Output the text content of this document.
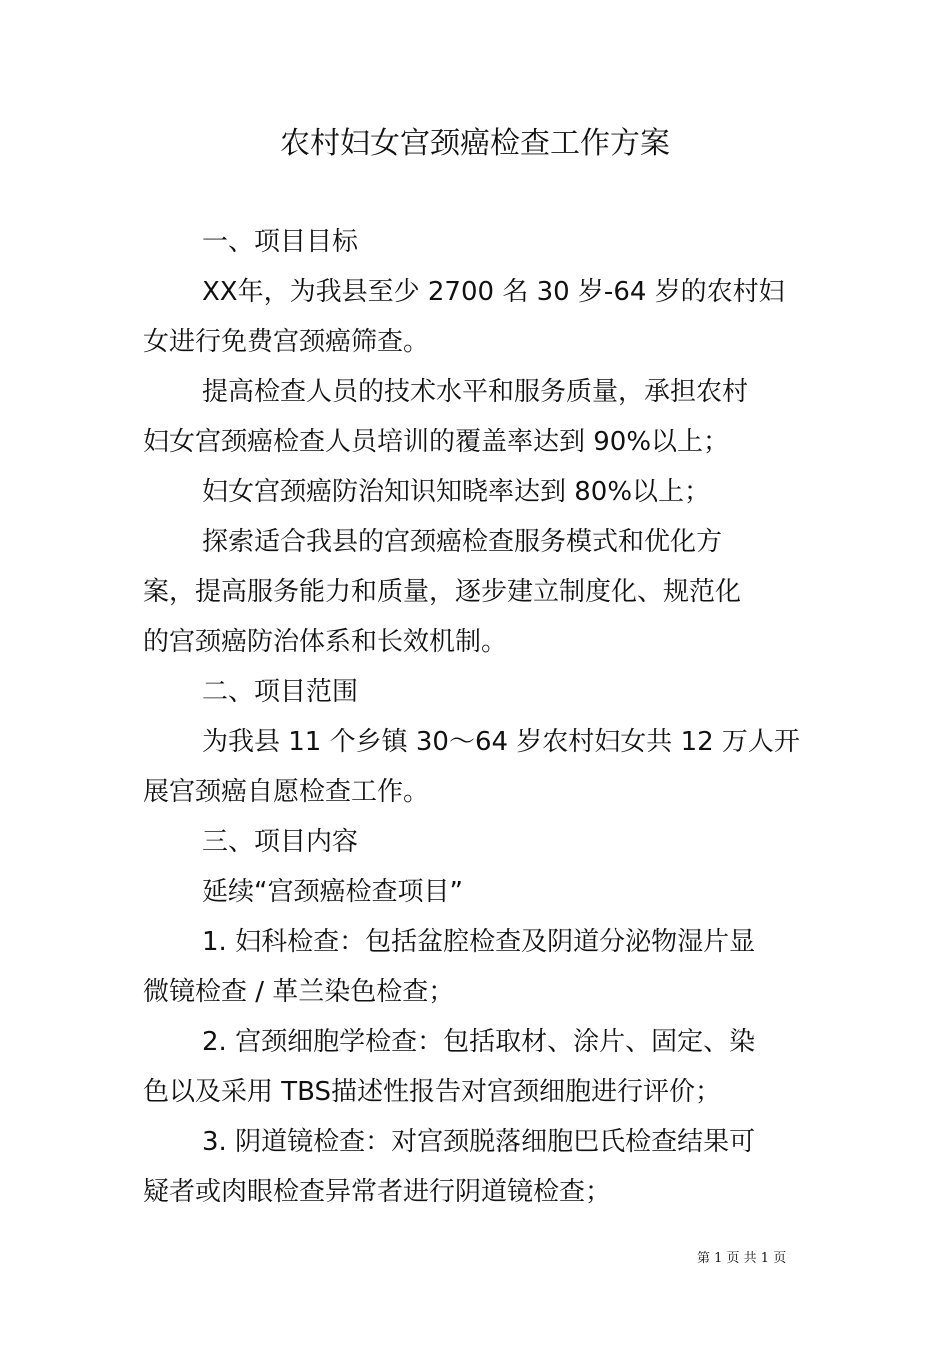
农村妇女宫颈癌检查工作方案
一、项目目标
XX年，为我县至少 2700 名 30 岁-64 岁的农村妇
女进行免费宫颈癌筛查。
提高检查人员的技术水平和服务质量，承担农村
妇女宫颈癌检查人员培训的覆盖率达到 90%以上；
妇女宫颈癌防治知识知晓率达到 80%以上；
探索适合我县的宫颈癌检查服务模式和优化方
案，提高服务能力和质量，逐步建立制度化、规范化
的宫颈癌防治体系和长效机制。
二、项目范围
为我县 11 个乡镇 30～64 岁农村妇女共 12 万人开
展宫颈癌自愿检查工作。
三、项目内容
延续“宫颈癌检查项目”
1. 妇科检查：包括盆腔检查及阴道分泌物湿片显
微镜检查 / 革兰染色检查；
2. 宫颈细胞学检查：包括取材、涂片、固定、染
色以及采用 TBS描述性报告对宫颈细胞进行评价；
3. 阴道镜检查：对宫颈脱落细胞巴氏检查结果可
疑者或肉眼检查异常者进行阴道镜检查；
第 1 页 共 1 页
